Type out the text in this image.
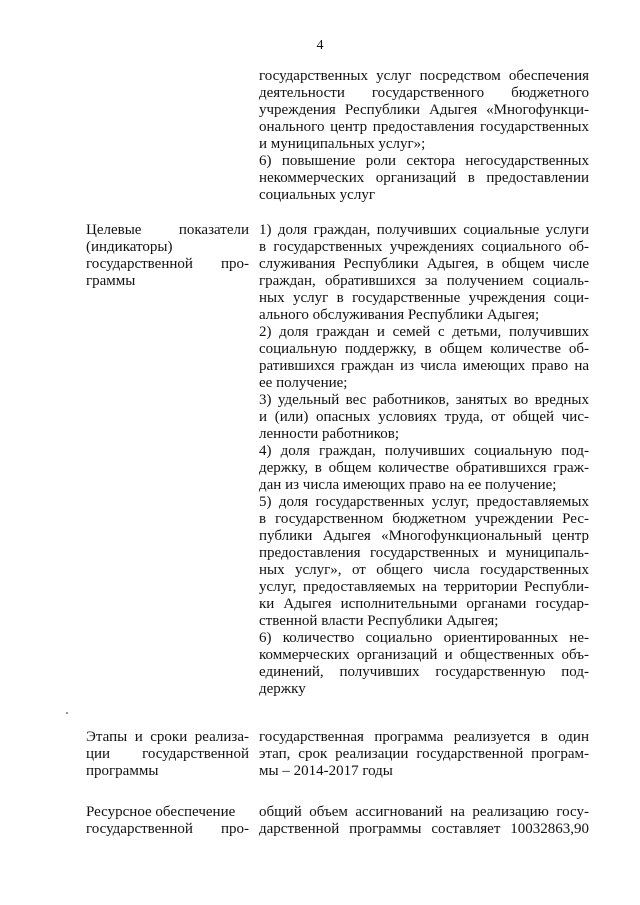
4
государственных услуг посредством обеспечения
деятельности государственного бюджетного
учреждения Республики Адыгея «Многофункци-
онального центр предоставления государственных
и муниципальных услуг»;
6) повышение роли сектора негосударственных
некоммерческих организаций в предоставлении
социальных услуг
Целевые показатели
(индикаторы)
государственной про-
граммы
1) доля граждан, получивших социальные услуги
в государственных учреждениях социального об-
служивания Республики Адыгея, в общем числе
граждан, обратившихся за получением социаль-
ных услуг в государственные учреждения соци-
ального обслуживания Республики Адыгея;
2) доля граждан и семей с детьми, получивших
социальную поддержку, в общем количестве об-
ратившихся граждан из числа имеющих право на
ее получение;
3) удельный вес работников, занятых во вредных
и (или) опасных условиях труда, от общей чис-
ленности работников;
4) доля граждан, получивших социальную под-
держку, в общем количестве обратившихся граж-
дан из числа имеющих право на ее получение;
5) доля государственных услуг, предоставляемых
в государственном бюджетном учреждении Рес-
публики Адыгея «Многофункциональный центр
предоставления государственных и муниципаль-
ных услуг», от общего числа государственных
услуг, предоставляемых на территории Республи-
ки Адыгея исполнительными органами государ-
ственной власти Республики Адыгея;
6) количество социально ориентированных не-
коммерческих организаций и общественных объ-
единений, получивших государственную под-
держку
Этапы и сроки реализа-
ции государственной
программы
государственная программа реализуется в один
этап, срок реализации государственной програм-
мы – 2014-2017 годы
Ресурсное обеспечение
государственной про-
общий объем ассигнований на реализацию госу-
дарственной программы составляет 10032863,90
